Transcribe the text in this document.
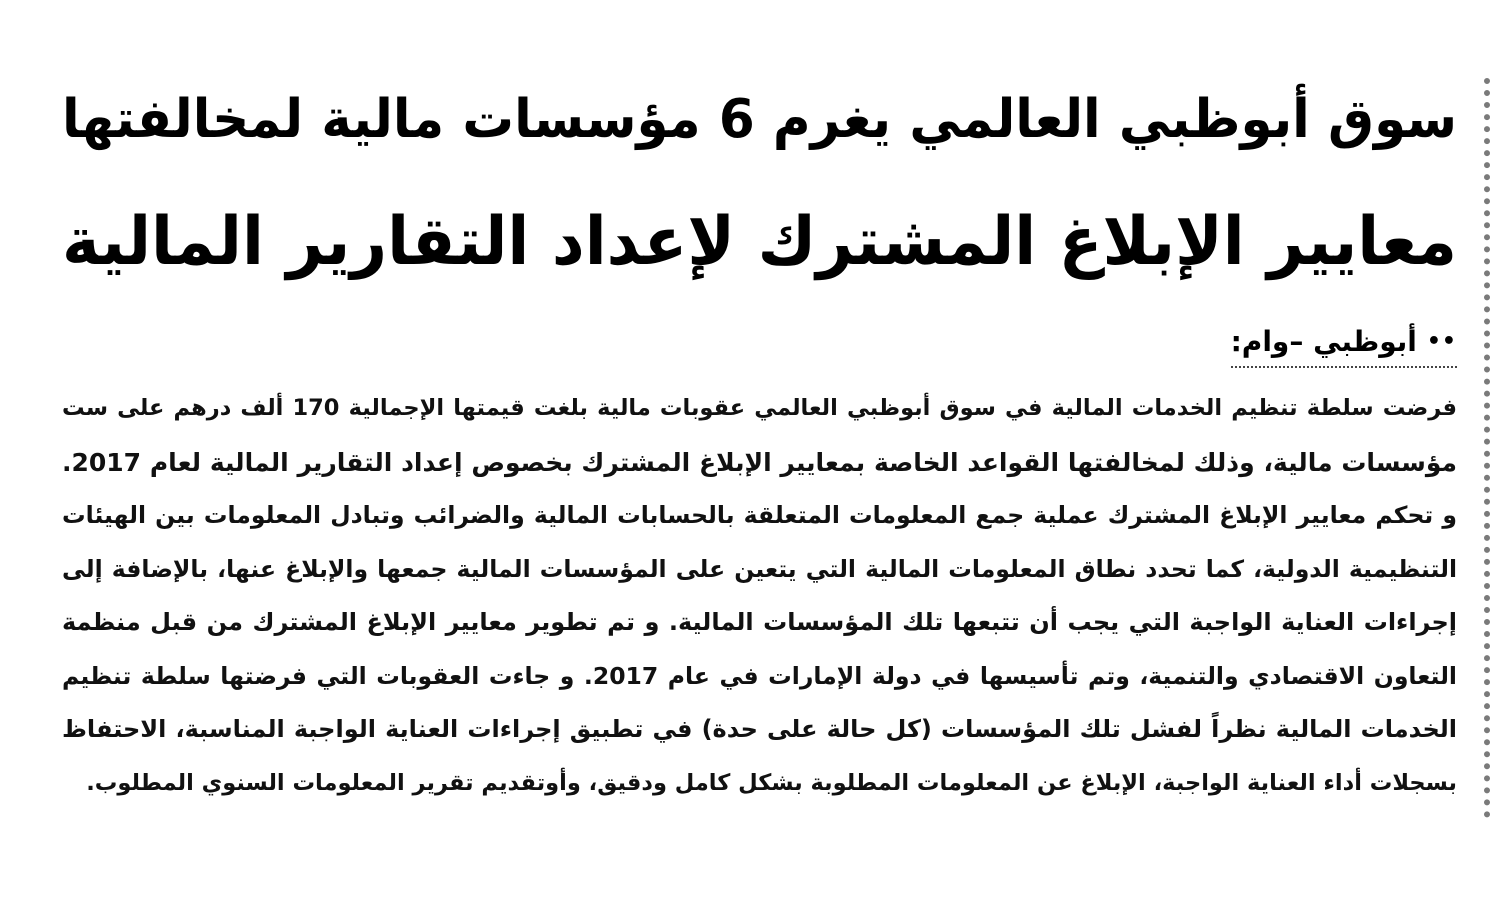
سوق أبوظبي العالمي يغرم 6 مؤسسات مالية لمخالفتها
معايير الإبلاغ المشترك لإعداد التقارير المالية
••
أبوظبي –وام:
فرضت سلطة تنظيم الخدمات المالية في سوق أبوظبي العالمي عقوبات مالية بلغت قيمتها الإجمالية 170 ألف درهم على ست
مؤسسات مالية، وذلك لمخالفتها القواعد الخاصة بمعايير الإبلاغ المشترك بخصوص إعداد التقارير المالية لعام 2017.
و تحكم معايير الإبلاغ المشترك عملية جمع المعلومات المتعلقة بالحسابات المالية والضرائب وتبادل المعلومات بين الهيئات
التنظيمية الدولية، كما تحدد نطاق المعلومات المالية التي يتعين على المؤسسات المالية جمعها والإبلاغ عنها، بالإضافة إلى
إجراءات العناية الواجبة التي يجب أن تتبعها تلك المؤسسات المالية. و تم تطوير معايير الإبلاغ المشترك من قبل منظمة
التعاون الاقتصادي والتنمية، وتم تأسيسها في دولة الإمارات في عام 2017. و جاءت العقوبات التي فرضتها سلطة تنظيم
الخدمات المالية نظراً لفشل تلك المؤسسات (كل حالة على حدة) في تطبيق إجراءات العناية الواجبة المناسبة، الاحتفاظ
بسجلات أداء العناية الواجبة، الإبلاغ عن المعلومات المطلوبة بشكل كامل ودقيق، وأوتقديم تقرير المعلومات السنوي المطلوب.
